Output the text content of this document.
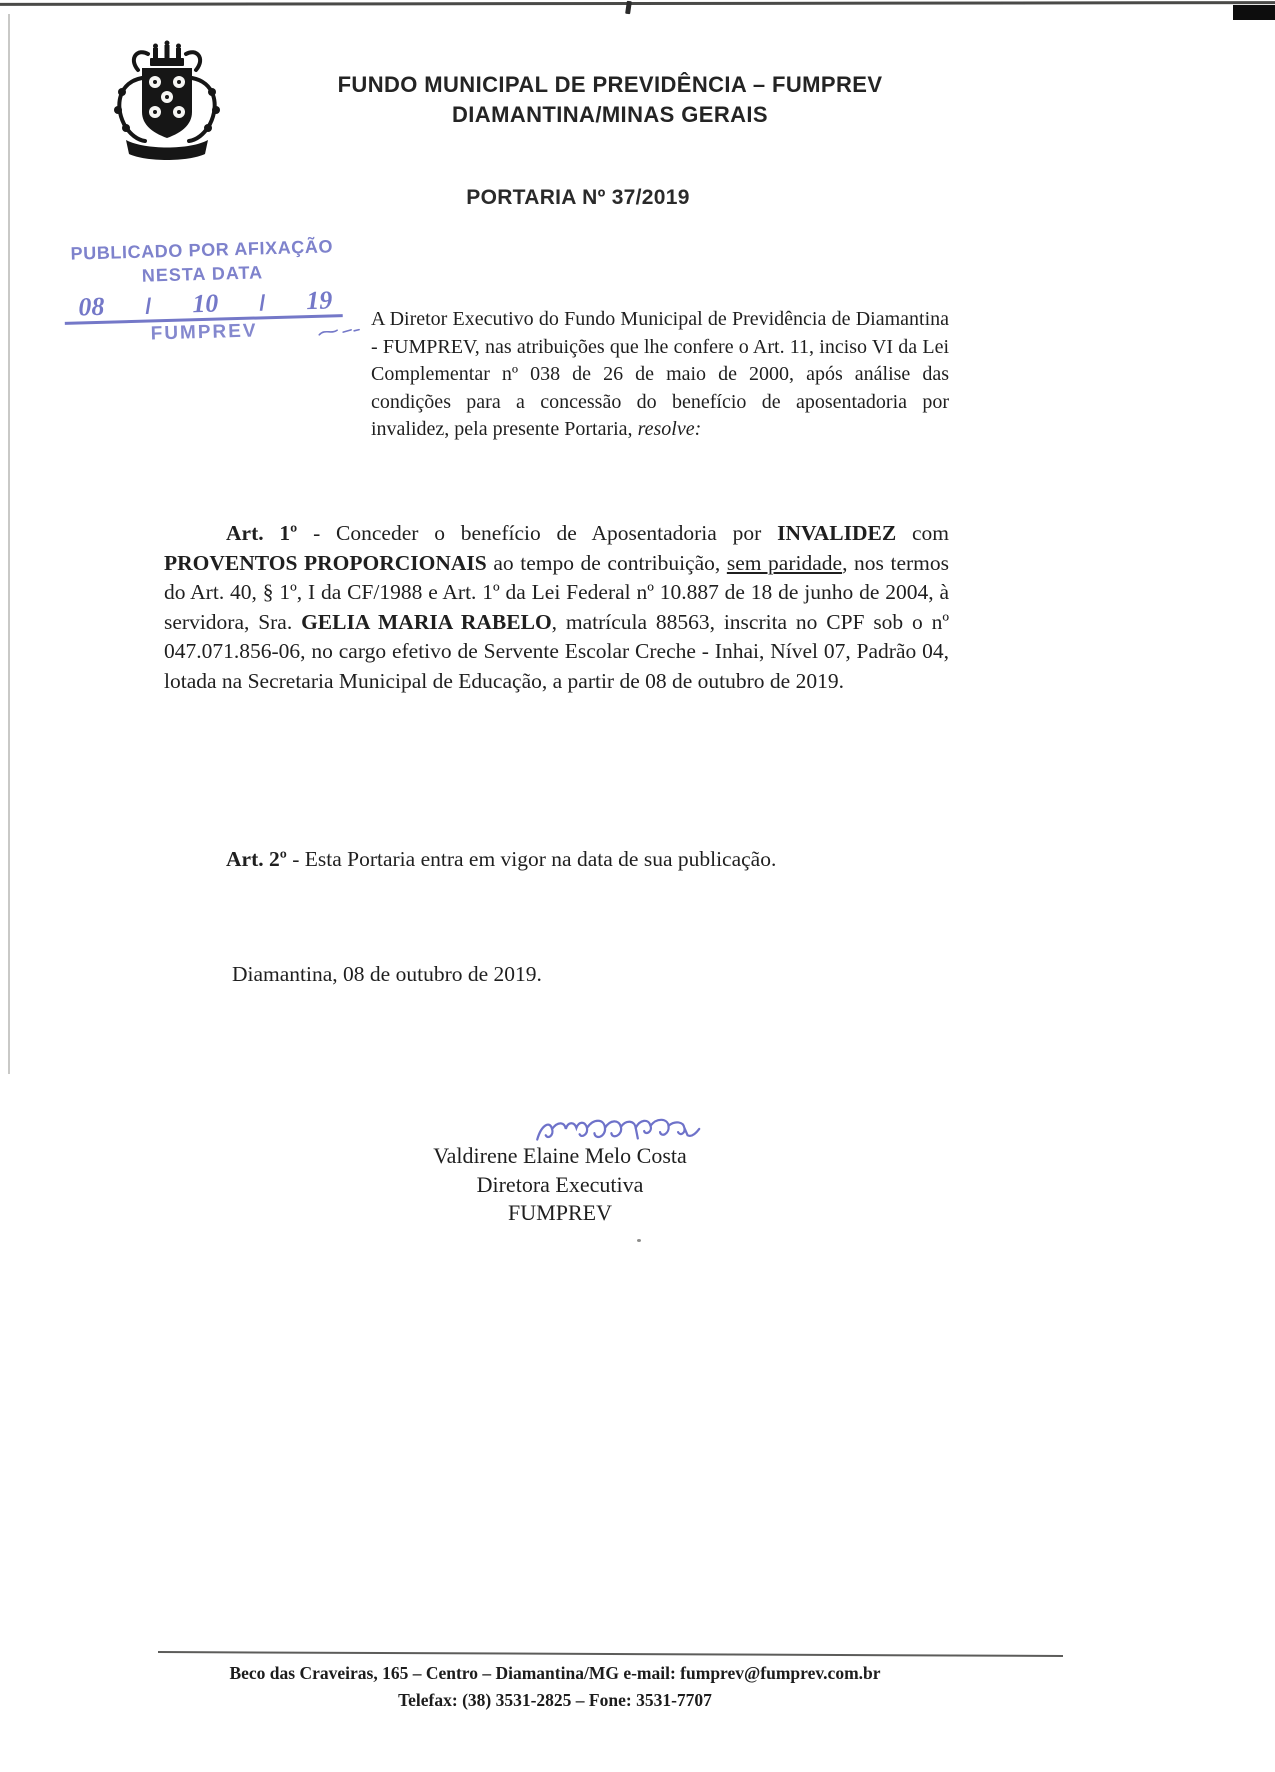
FUNDO MUNICIPAL DE PREVIDÊNCIA – FUMPREV
DIAMANTINA/MINAS GERAIS
PORTARIA Nº 37/2019
PUBLICADO POR AFIXAÇÃO
NESTA DATA
08 / 10 / 19
FUMPREV

A Diretor Executivo do Fundo Municipal de Previdência de Diamantina - FUMPREV, nas atribuições que lhe confere o Art. 11, inciso VI da Lei Complementar nº 038 de 26 de maio de 2000, após análise das condições para a concessão do benefício de aposentadoria por invalidez, pela presente Portaria, resolve:

Art. 1º - Conceder o benefício de Aposentadoria por INVALIDEZ com PROVENTOS PROPORCIONAIS ao tempo de contribuição, sem paridade, nos termos do Art. 40, § 1º, I da CF/1988 e Art. 1º da Lei Federal nº 10.887 de 18 de junho de 2004, à servidora, Sra. GELIA MARIA RABELO, matrícula 88563, inscrita no CPF sob o nº 047.071.856-06, no cargo efetivo de Servente Escolar Creche - Inhai, Nível 07, Padrão 04, lotada na Secretaria Municipal de Educação, a partir de 08 de outubro de 2019.

Art. 2º - Esta Portaria entra em vigor na data de sua publicação.

Diamantina, 08 de outubro de 2019.
Valdirene Elaine Melo Costa
Diretora Executiva
FUMPREV
Beco das Craveiras, 165 – Centro – Diamantina/MG e-mail: fumprev@fumprev.com.br
Telefax: (38) 3531-2825 – Fone: 3531-7707
